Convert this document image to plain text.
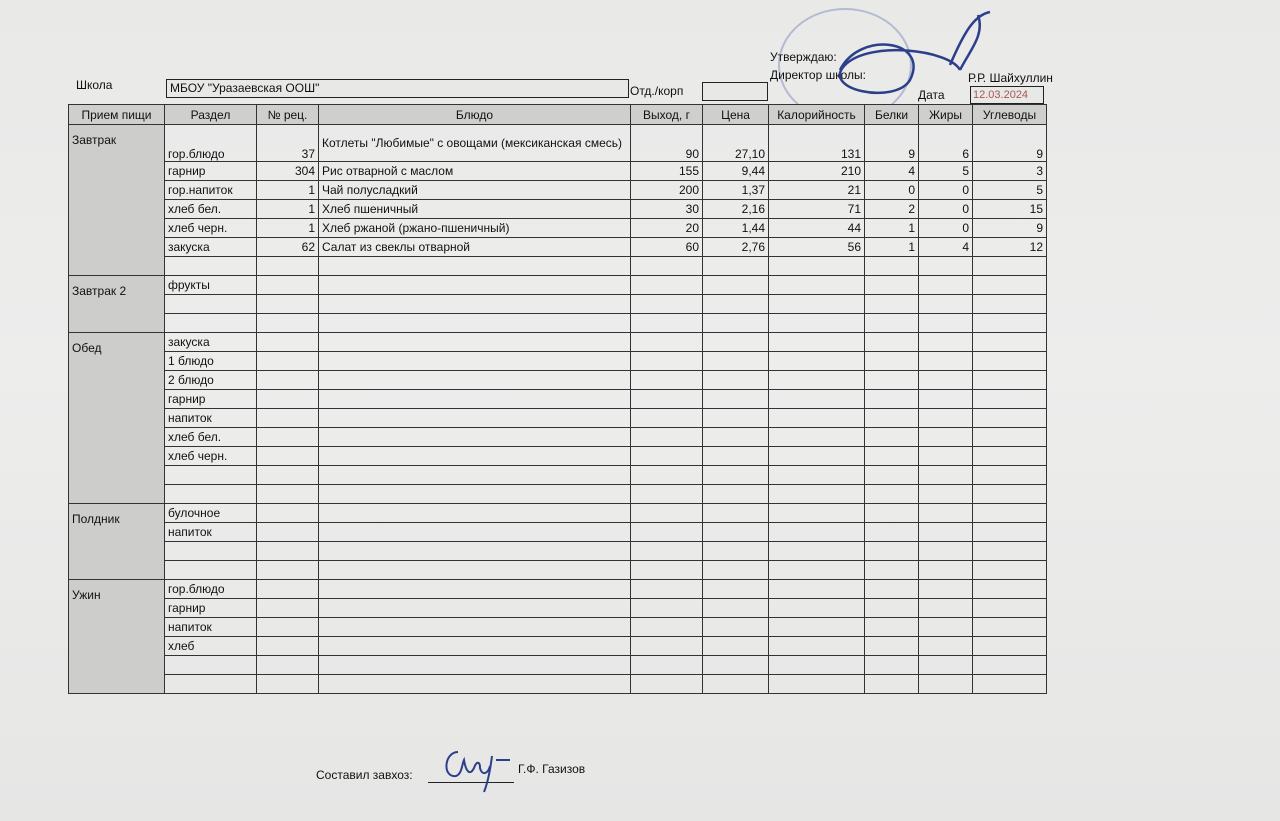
Утверждаю:
Директор школы:	Р.Р. Шайхуллин
Дата	12.03.2024
Школа	МБОУ "Уразаевская ООШ"	Отд./корп
Прием пищи	Раздел	№ рец.	Блюдо	Выход, г	Цена	Калорийность	Белки	Жиры	Углеводы
Завтрак	гор.блюдо	37	Котлеты "Любимые" с овощами (мексиканская смесь)	90	27,10	131	9	6	9
	гарнир	304	Рис отварной с маслом	155	9,44	210	4	5	3
	гор.напиток	1	Чай полусладкий	200	1,37	21	0	0	5
	хлеб бел.	1	Хлеб пшеничный	30	2,16	71	2	0	15
	хлеб черн.	1	Хлеб ржаной (ржано-пшеничный)	20	1,44	44	1	0	9
	закуска	62	Салат из свеклы отварной	60	2,76	56	1	4	12

Завтрак 2	фрукты								

Обед	закуска								
	1 блюдо								
	2 блюдо								
	гарнир								
	напиток								
	хлеб бел.								
	хлеб черн.								

Полдник	булочное								
	напиток								

Ужин	гор.блюдо								
	гарнир								
	напиток								
	хлеб								

Составил завхоз:	Г.Ф. Газизов
